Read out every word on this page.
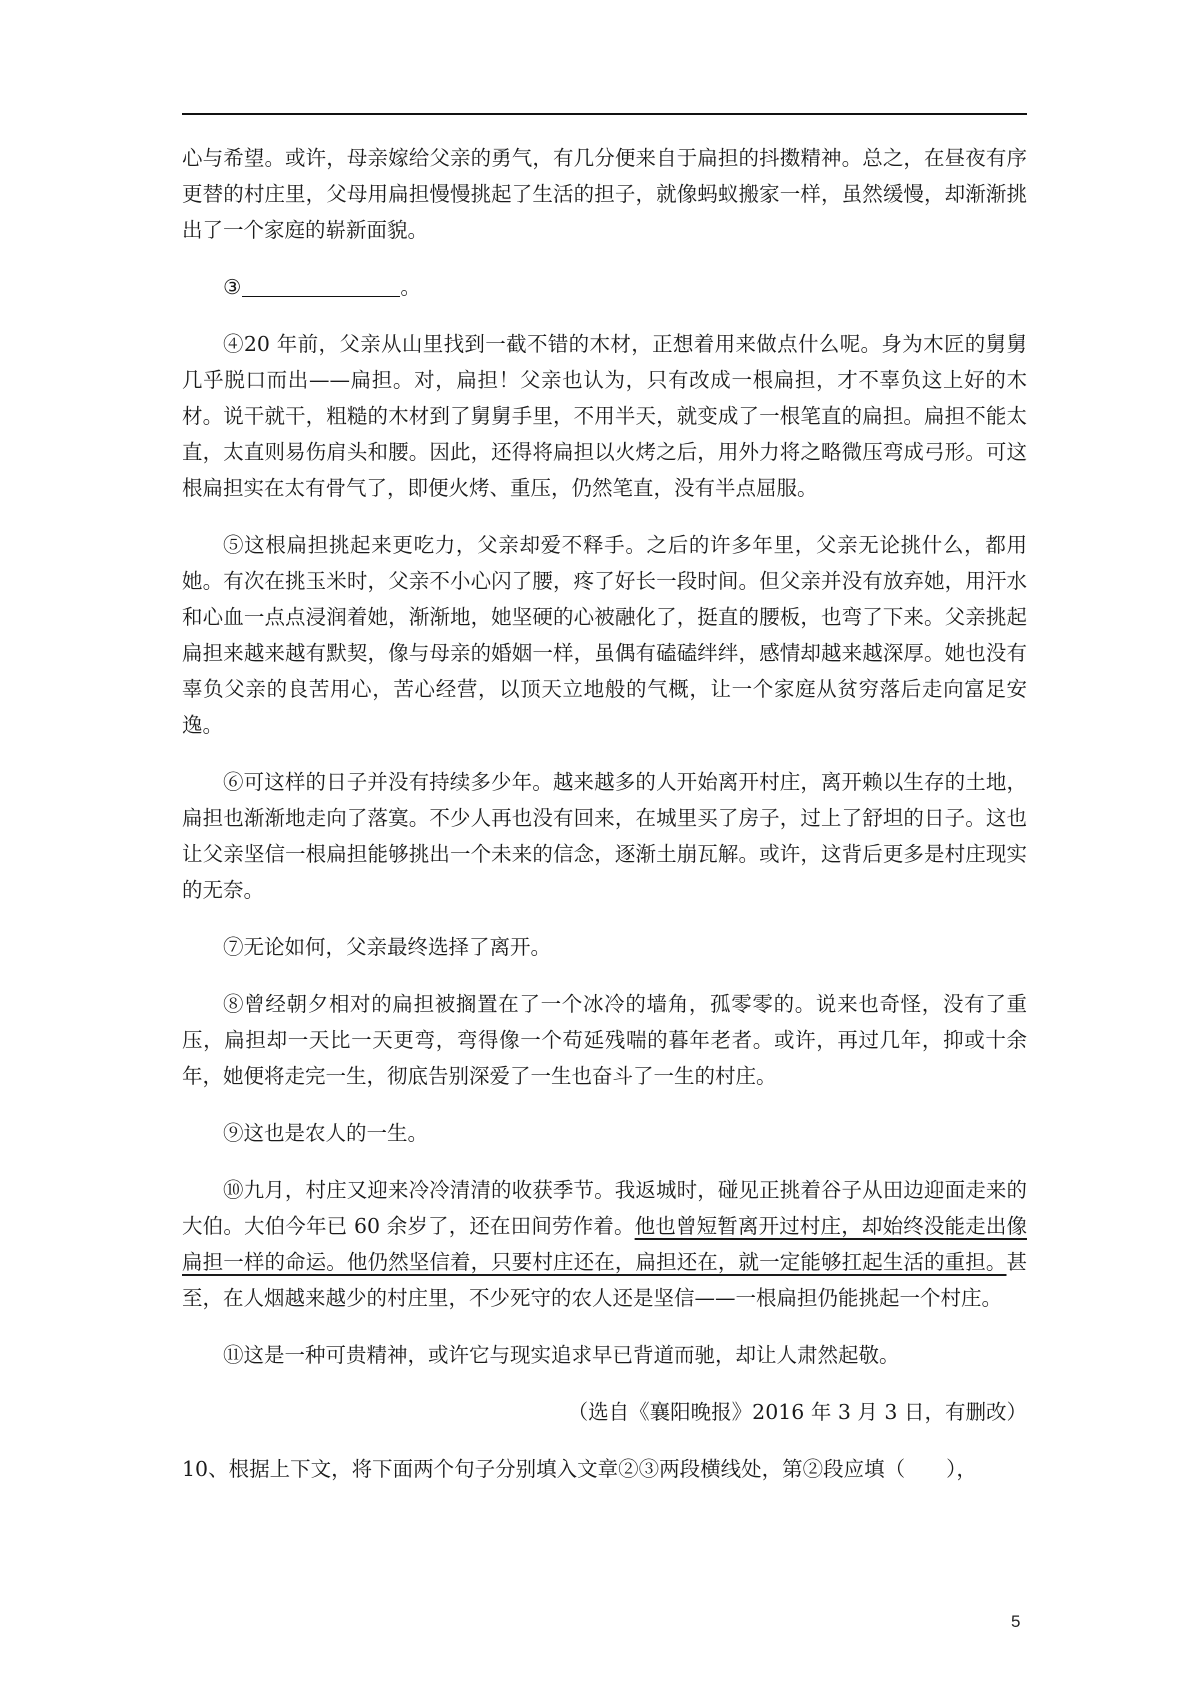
心与希望。或许，母亲嫁给父亲的勇气，有几分便来自于扁担的抖擞精神。总之，在昼夜有序更替的村庄里，父母用扁担慢慢挑起了生活的担子，就像蚂蚁搬家一样，虽然缓慢，却渐渐挑出了一个家庭的崭新面貌。

③	。

④20 年前，父亲从山里找到一截不错的木材，正想着用来做点什么呢。身为木匠的舅舅几乎脱口而出——扁担。对，扁担！父亲也认为，只有改成一根扁担，才不辜负这上好的木材。说干就干，粗糙的木材到了舅舅手里，不用半天，就变成了一根笔直的扁担。扁担不能太直，太直则易伤肩头和腰。因此，还得将扁担以火烤之后，用外力将之略微压弯成弓形。可这根扁担实在太有骨气了，即便火烤、重压，仍然笔直，没有半点屈服。

⑤这根扁担挑起来更吃力，父亲却爱不释手。之后的许多年里，父亲无论挑什么，都用她。有次在挑玉米时，父亲不小心闪了腰，疼了好长一段时间。但父亲并没有放弃她，用汗水和心血一点点浸润着她，渐渐地，她坚硬的心被融化了，挺直的腰板，也弯了下来。父亲挑起扁担来越来越有默契，像与母亲的婚姻一样，虽偶有磕磕绊绊，感情却越来越深厚。她也没有辜负父亲的良苦用心，苦心经营，以顶天立地般的气概，让一个家庭从贫穷落后走向富足安逸。

⑥可这样的日子并没有持续多少年。越来越多的人开始离开村庄，离开赖以生存的土地，扁担也渐渐地走向了落寞。不少人再也没有回来，在城里买了房子，过上了舒坦的日子。这也让父亲坚信一根扁担能够挑出一个未来的信念，逐渐土崩瓦解。或许，这背后更多是村庄现实的无奈。

⑦无论如何，父亲最终选择了离开。

⑧曾经朝夕相对的扁担被搁置在了一个冰冷的墙角，孤零零的。说来也奇怪，没有了重压，扁担却一天比一天更弯，弯得像一个苟延残喘的暮年老者。或许，再过几年，抑或十余年，她便将走完一生，彻底告别深爱了一生也奋斗了一生的村庄。

⑨这也是农人的一生。

⑩九月，村庄又迎来冷冷清清的收获季节。我返城时，碰见正挑着谷子从田边迎面走来的大伯。大伯今年已 60 余岁了，还在田间劳作着。他也曾短暂离开过村庄，却始终没能走出像扁担一样的命运。他仍然坚信着，只要村庄还在，扁担还在，就一定能够扛起生活的重担。甚至，在人烟越来越少的村庄里，不少死守的农人还是坚信——一根扁担仍能挑起一个村庄。

⑪这是一种可贵精神，或许它与现实追求早已背道而驰，却让人肃然起敬。

（选自《襄阳晚报》2016 年 3 月 3 日，有删改）

10、根据上下文，将下面两个句子分别填入文章②③两段横线处，第②段应填（　　），

5
